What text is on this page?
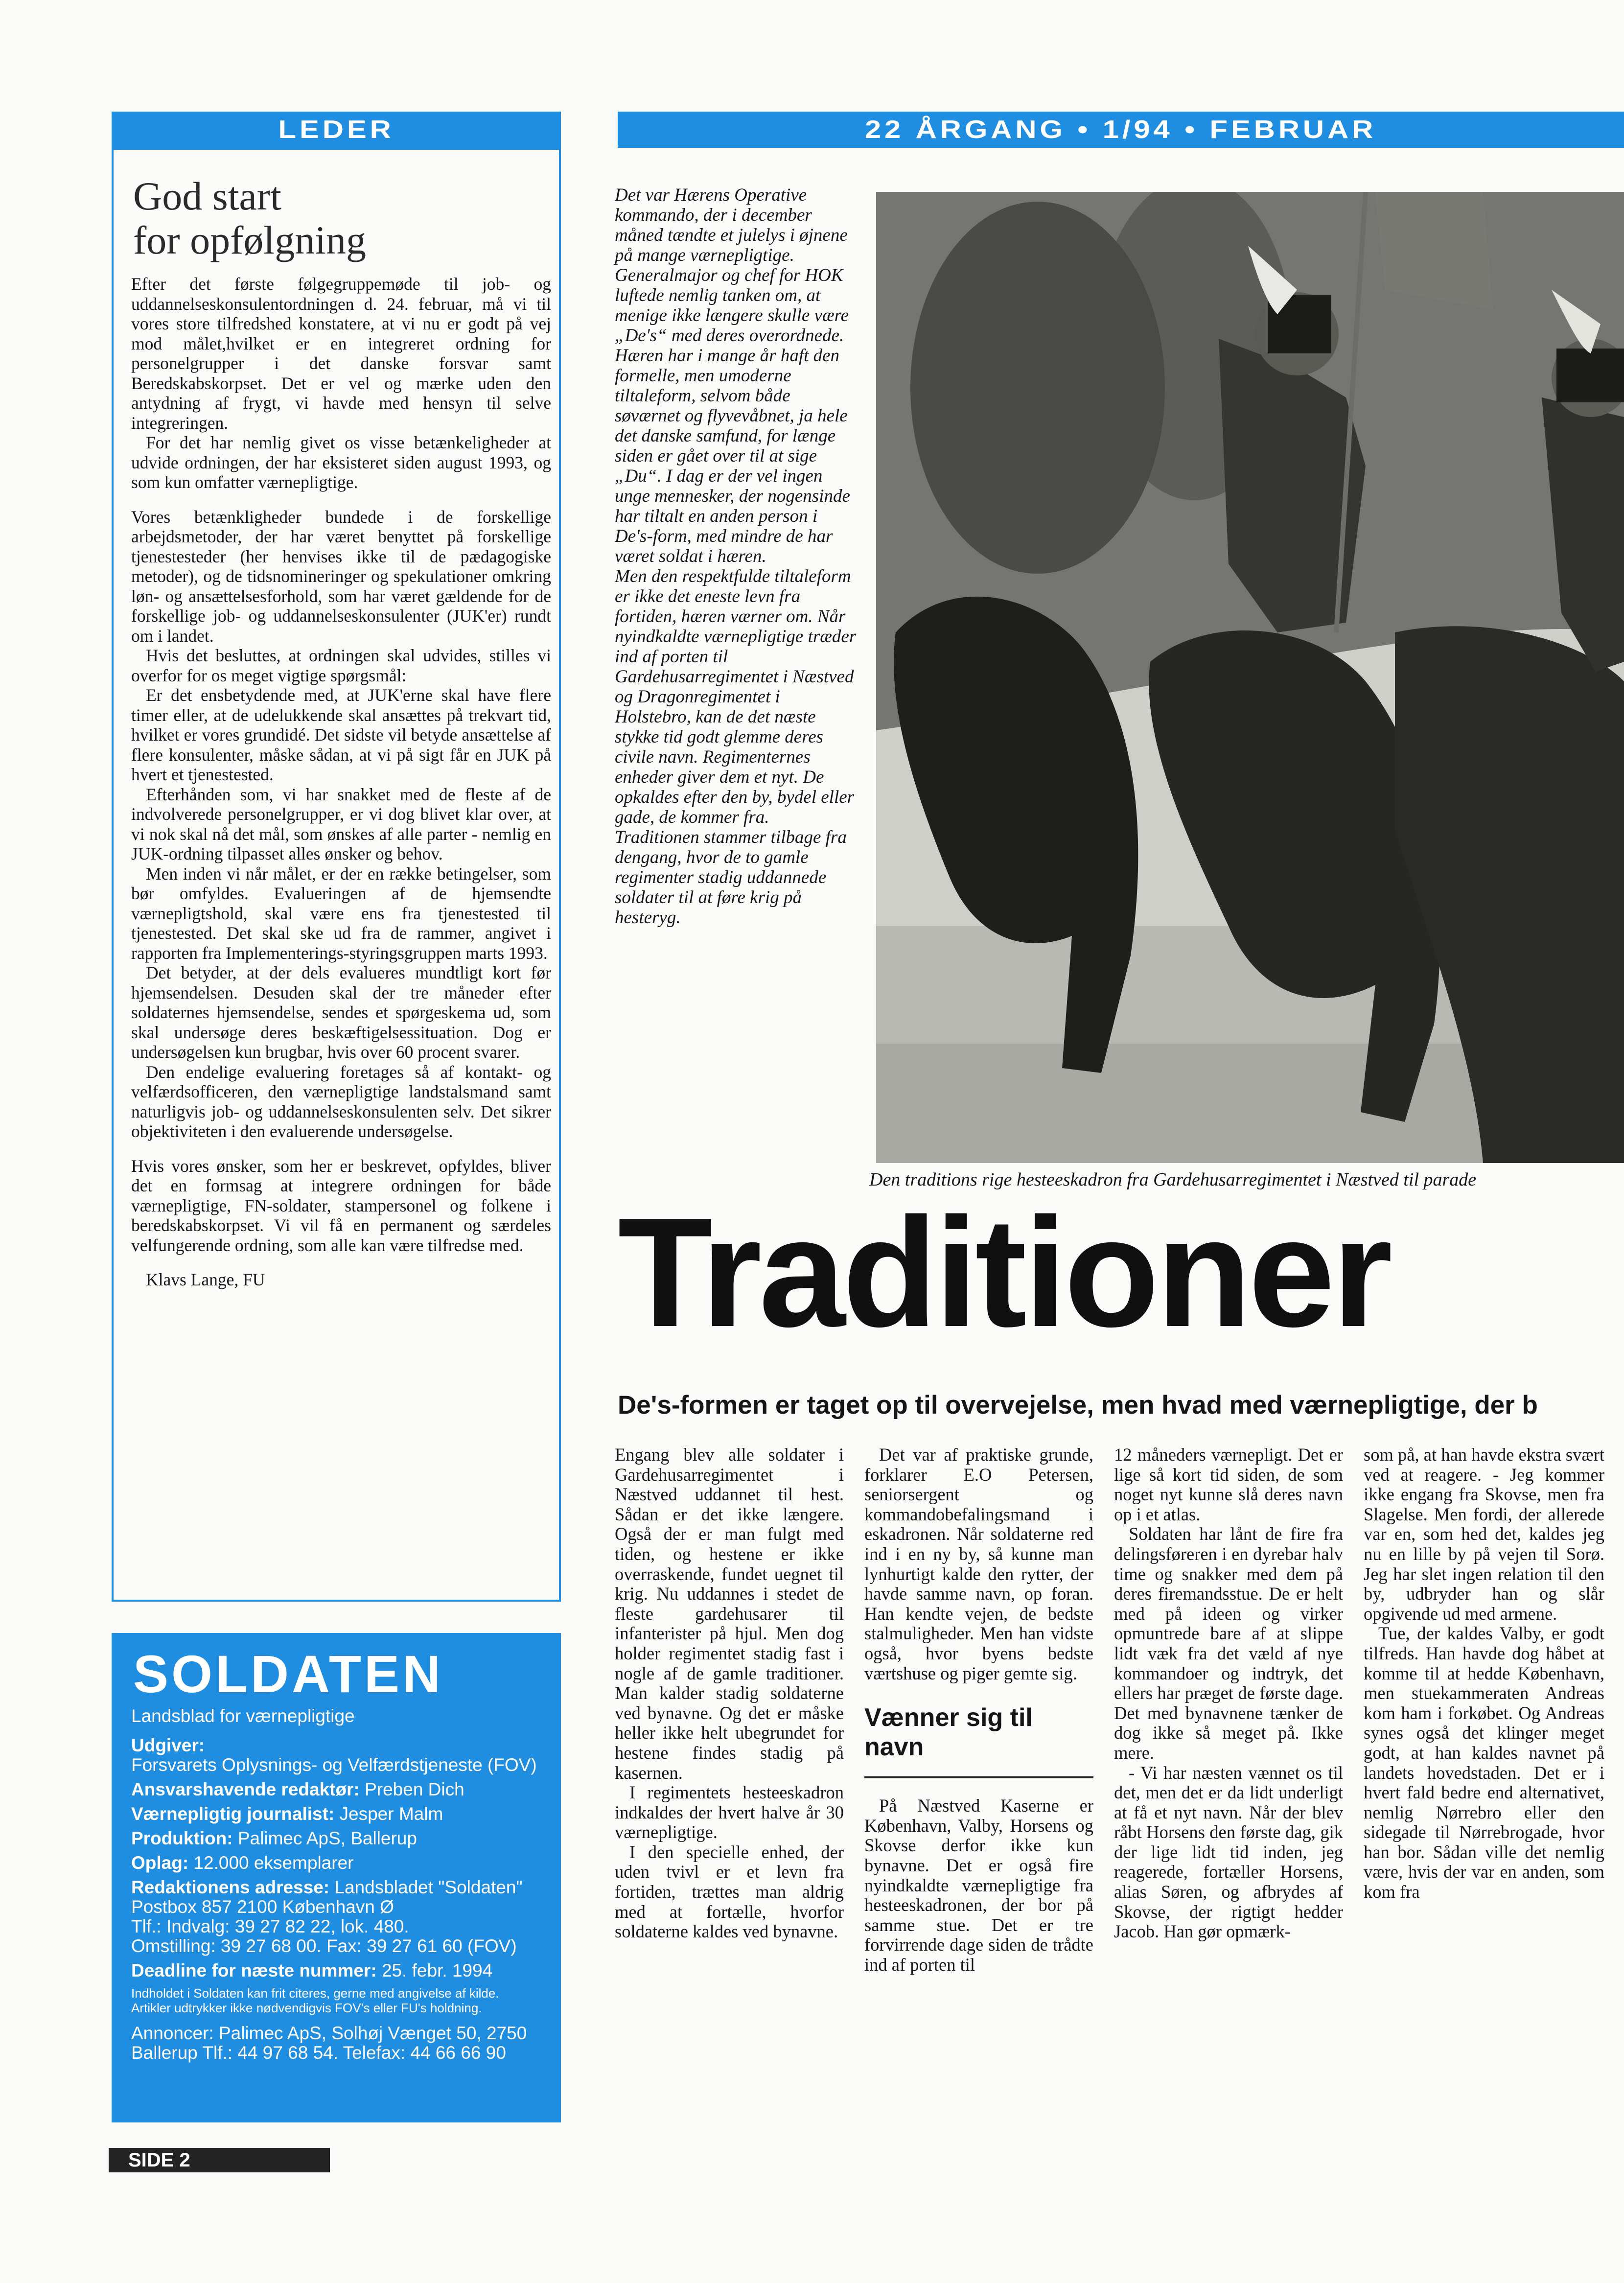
LEDER	22 ÅRGANG • 1/94 • FEBRUAR
God start
for opfølgning

Efter det første følgegruppemøde til job- og uddannelseskonsulentordningen d. 24. februar, må vi til vores store tilfredshed konstatere, at vi nu er godt på vej mod målet,hvilket er en integreret ordning for personelgrupper i det danske forsvar samt Beredskabskorpset. Det er vel og mærke uden den antydning af frygt, vi havde med hensyn til selve integreringen.

For det har nemlig givet os visse betænkeligheder at udvide ordningen, der har eksisteret siden august 1993, og som kun omfatter værnepligtige.

Vores betænkligheder bundede i de forskellige arbejdsmetoder, der har været benyttet på forskellige tjenestesteder (her henvises ikke til de pædagogiske metoder), og de tidsnomineringer og spekulationer omkring løn- og ansættelsesforhold, som har været gældende for de forskellige job- og uddannelseskonsulenter (JUK'er) rundt om i landet.

Hvis det besluttes, at ordningen skal udvides, stilles vi overfor for os meget vigtige spørgsmål:

Er det ensbetydende med, at JUK'erne skal have flere timer eller, at de udelukkende skal ansættes på trekvart tid, hvilket er vores grundidé. Det sidste vil betyde ansættelse af flere konsulenter, måske sådan, at vi på sigt får en JUK på hvert et tjenestested.

Efterhånden som, vi har snakket med de fleste af de indvolverede personelgrupper, er vi dog blivet klar over, at vi nok skal nå det mål, som ønskes af alle parter - nemlig en JUK-ordning tilpasset alles ønsker og behov.

Men inden vi når målet, er der en række betingelser, som bør omfyldes. Evalueringen af de hjemsendte værnepligtshold, skal være ens fra tjenestested til tjenestested. Det skal ske ud fra de rammer, angivet i rapporten fra Implementerings-styringsgruppen marts 1993.

Det betyder, at der dels evalueres mundtligt kort før hjemsendelsen. Desuden skal der tre måneder efter soldaternes hjemsendelse, sendes et spørgeskema ud, som skal undersøge deres beskæftigelsessituation. Dog er undersøgelsen kun brugbar, hvis over 60 procent svarer.

Den endelige evaluering foretages så af kontakt- og velfærdsofficeren, den værnepligtige landstalsmand samt naturligvis job- og uddannelseskonsulenten selv. Det sikrer objektiviteten i den evaluerende undersøgelse.

Hvis vores ønsker, som her er beskrevet, opfyldes, bliver det en formsag at integrere ordningen for både værnepligtige, FN-soldater, stampersonel og folkene i beredskabskorpset. Vi vil få en permanent og særdeles velfungerende ordning, som alle kan være tilfredse med.

Klavs Lange, FU

SOLDATEN
Landsblad for værnepligtige
Udgiver:
Forsvarets Oplysnings- og Velfærdstjeneste (FOV)
Ansvarshavende redaktør: Preben Dich
Værnepligtig journalist: Jesper Malm
Produktion: Palimec ApS, Ballerup
Oplag: 12.000 eksemplarer
Redaktionens adresse: Landsbladet "Soldaten"
Postbox 857 2100 København Ø
Tlf.: Indvalg: 39 27 82 22, lok. 480.
Omstilling: 39 27 68 00. Fax: 39 27 61 60 (FOV)
Deadline for næste nummer: 25. febr. 1994
Indholdet i Soldaten kan frit citeres, gerne med angivelse af kilde.
Artikler udtrykker ikke nødvendigvis FOV's eller FU's holdning.
Annoncer: Palimec ApS, Solhøj Vænget 50, 2750
Ballerup Tlf.: 44 97 68 54. Telefax: 44 66 66 90
SIDE 2

Det var Hærens Operative kommando, der i december måned tændte et julelys i øjnene på mange værnepligtige. Generalmajor og chef for HOK luftede nemlig tanken om, at menige ikke længere skulle være „De's“ med deres overordnede.

Hæren har i mange år haft den formelle, men umoderne tiltaleform, selvom både søværnet og flyvevåbnet, ja hele det danske samfund, for længe siden er gået over til at sige „Du“. I dag er der vel ingen unge mennesker, der nogensinde har tiltalt en anden person i De's-form, med mindre de har været soldat i hæren.

Men den respektfulde tiltaleform er ikke det eneste levn fra fortiden, hæren værner om. Når nyindkaldte værnepligtige træder ind af porten til Gardehusarregimentet i Næstved og Dragonregimentet i Holstebro, kan de det næste stykke tid godt glemme deres civile navn. Regimenternes enheder giver dem et nyt. De opkaldes efter den by, bydel eller gade, de kommer fra. Traditionen stammer tilbage fra dengang, hvor de to gamle regimenter stadig uddannede soldater til at føre krig på hesteryg.

Den traditions rige hesteeskadron fra Gardehusarregimentet i Næstved til parade
Traditioner
De's-formen er taget op til overvejelse, men hvad med værnepligtige, der b

Engang blev alle soldater i Gardehusarregimentet i Næstved uddannet til hest. Sådan er det ikke længere. Også der er man fulgt med tiden, og hestene er ikke overraskende, fundet uegnet til krig. Nu uddannes i stedet de fleste gardehusarer til infanterister på hjul. Men dog holder regimentet stadig fast i nogle af de gamle traditioner. Man kalder stadig soldaterne ved bynavne. Og det er måske heller ikke helt ubegrundet for hestene findes stadig på kasernen.

I regimentets hesteeskadron indkaldes der hvert halve år 30 værnepligtige.

I den specielle enhed, der uden tvivl er et levn fra fortiden, trættes man aldrig med at fortælle, hvorfor soldaterne kaldes ved bynavne.

Det var af praktiske grunde, forklarer E.O Petersen, seniorsergent og kommandobefalingsmand i eskadronen. Når soldaterne red ind i en ny by, så kunne man lynhurtigt kalde den rytter, der havde samme navn, op foran. Han kendte vejen, de bedste stalmuligheder. Men han vidste også, hvor byens bedste værtshuse og piger gemte sig.

Vænner sig til navn

På Næstved Kaserne er København, Valby, Horsens og Skovse derfor ikke kun bynavne. Det er også fire nyindkaldte værnepligtige fra hesteeskadronen, der bor på samme stue. Det er tre forvirrende dage siden de trådte ind af porten til

12 måneders værnepligt. Det er lige så kort tid siden, de som noget nyt kunne slå deres navn op i et atlas.

Soldaten har lånt de fire fra delingsføreren i en dyrebar halv time og snakker med dem på deres firemandsstue. De er helt med på ideen og virker opmuntrede bare af at slippe lidt væk fra det væld af nye kommandoer og indtryk, det ellers har præget de første dage. Det med bynavnene tænker de dog ikke så meget på. Ikke mere.

- Vi har næsten vænnet os til det, men det er da lidt underligt at få et nyt navn. Når der blev råbt Horsens den første dag, gik der lige lidt tid inden, jeg reagerede, fortæller Horsens, alias Søren, og afbrydes af Skovse, der rigtigt hedder Jacob. Han gør opmærk-

som på, at han havde ekstra svært ved at reagere. - Jeg kommer ikke engang fra Skovse, men fra Slagelse. Men fordi, der allerede var en, som hed det, kaldes jeg nu en lille by på vejen til Sorø. Jeg har slet ingen relation til den by, udbryder han og slår opgivende ud med armene.

Tue, der kaldes Valby, er godt tilfreds. Han havde dog håbet at komme til at hedde København, men stuekammeraten Andreas kom ham i forkøbet. Og Andreas synes også det klinger meget godt, at han kaldes navnet på landets hovedstaden. Det er i hvert fald bedre end alternativet, nemlig Nørrebro eller den sidegade til Nørrebrogade, hvor han bor. Sådan ville det nemlig være, hvis der var en anden, som kom fra
